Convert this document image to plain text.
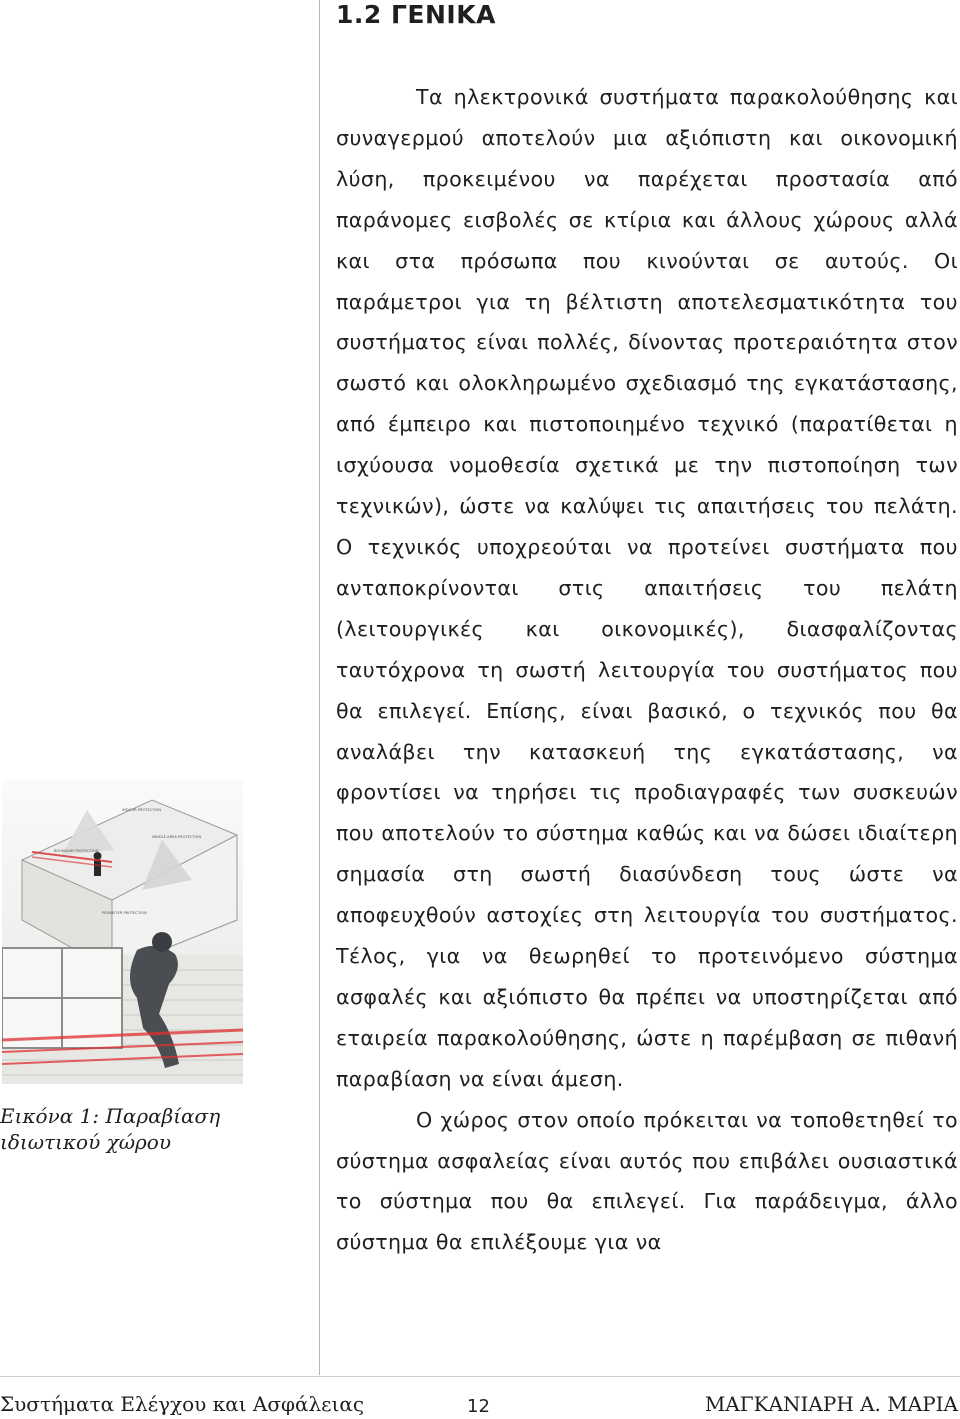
1.2 ΓΕΝΙΚΑ

Τα ηλεκτρονικά συστήματα παρακολούθησης και συναγερμού αποτελούν μια αξιόπιστη και οικονομική λύση, προκειμένου να παρέχεται προστασία από παράνομες εισβολές σε κτίρια και άλλους χώρους αλλά και στα πρόσωπα που κινούνται σε αυτούς. Οι παράμετροι για τη βέλτιστη αποτελεσματικότητα του συστήματος είναι πολλές, δίνοντας προτεραιότητα στον σωστό και ολοκληρωμένο σχεδιασμό της εγκατάστασης, από έμπειρο και πιστοποιημένο τεχνικό (παρατίθεται η ισχύουσα νομοθεσία σχετικά με την πιστοποίηση των τεχνικών), ώστε να καλύψει τις απαιτήσεις του πελάτη. Ο τεχνικός υποχρεούται να προτείνει συστήματα που ανταποκρίνονται στις απαιτήσεις του πελάτη (λειτουργικές και οικονομικές), διασφαλίζοντας ταυτόχρονα τη σωστή λειτουργία του συστήματος που θα επιλεγεί. Επίσης, είναι βασικό, ο τεχνικός που θα αναλάβει την κατασκευή της εγκατάστασης, να φροντίσει να τηρήσει τις προδιαγραφές των συσκευών που αποτελούν το σύστημα καθώς και να δώσει ιδιαίτερη σημασία στη σωστή διασύνδεση τους ώστε να αποφευχθούν αστοχίες στη λειτουργία του συστήματος. Τέλος, για να θεωρηθεί το προτεινόμενο σύστημα ασφαλές και αξιόπιστο θα πρέπει να υποστηρίζεται από εταιρεία παρακολούθησης, ώστε η παρέμβαση σε πιθανή παραβίαση να είναι άμεση.

Ο χώρος στον οποίο πρόκειται να τοποθετηθεί το σύστημα ασφαλείας είναι αυτός που επιβάλει ουσιαστικά το σύστημα που θα επιλεγεί. Για παράδειγμα, άλλο σύστημα θα επιλέξουμε για να

INDOOR PROTECTION
MIDDLE AREA PROTECTION
BOUNDARY PROTECTION
PERIMETER PROTECTION

Εικόνα 1: Παραβίαση
ιδιωτικού χώρου

Συστήματα Ελέγχου και Ασφάλειας	12	ΜΑΓΚΑΝΙΑΡΗ Α. ΜΑΡΙΑ
